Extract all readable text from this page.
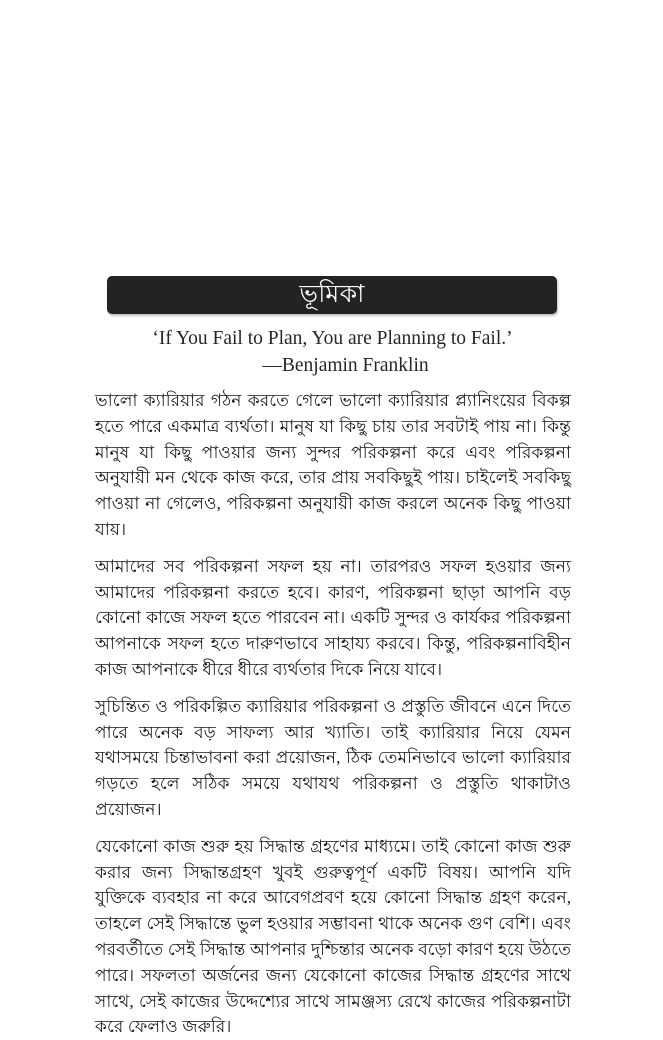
ভূমিকা
‘If You Fail to Plan, You are Planning to Fail.’
—Benjamin Franklin

ভালো ক্যারিয়ার গঠন করতে গেলে ভালো ক্যারিয়ার প্ল্যানিংয়ের বিকল্প হতে পারে একমাত্র ব্যর্থতা। মানুষ যা কিছু চায় তার সবটাই পায় না। কিন্তু মানুষ যা কিছু পাওয়ার জন্য সুন্দর পরিকল্পনা করে এবং পরিকল্পনা অনুযায়ী মন থেকে কাজ করে, তার প্রায় সবকিছুই পায়। চাইলেই সবকিছু পাওয়া না গেলেও, পরিকল্পনা অনুযায়ী কাজ করলে অনেক কিছু পাওয়া যায়।

আমাদের সব পরিকল্পনা সফল হয় না। তারপরও সফল হওয়ার জন্য আমাদের পরিকল্পনা করতে হবে। কারণ, পরিকল্পনা ছাড়া আপনি বড় কোনো কাজে সফল হতে পারবেন না। একটি সুন্দর ও কার্যকর পরিকল্পনা আপনাকে সফল হতে দারুণভাবে সাহায্য করবে। কিন্তু, পরিকল্পনাবিহীন কাজ আপনাকে ধীরে ধীরে ব্যর্থতার দিকে নিয়ে যাবে।

সুচিন্তিত ও পরিকল্পিত ক্যারিয়ার পরিকল্পনা ও প্রস্তুতি জীবনে এনে দিতে পারে অনেক বড় সাফল্য আর খ্যাতি। তাই ক্যারিয়ার নিয়ে যেমন যথাসময়ে চিন্তাভাবনা করা প্রয়োজন, ঠিক তেমনিভাবে ভালো ক্যারিয়ার গড়তে হলে সঠিক সময়ে যথাযথ পরিকল্পনা ও প্রস্তুতি থাকাটাও প্রয়োজন।

যেকোনো কাজ শুরু হয় সিদ্ধান্ত গ্রহণের মাধ্যমে। তাই কোনো কাজ শুরু করার জন্য সিদ্ধান্তগ্রহণ খুবই গুরুত্বপূর্ণ একটি বিষয়। আপনি যদি যুক্তিকে ব্যবহার না করে আবেগপ্রবণ হয়ে কোনো সিদ্ধান্ত গ্রহণ করেন, তাহলে সেই সিদ্ধান্তে ভুল হওয়ার সম্ভাবনা থাকে অনেক গুণ বেশি। এবং পরবর্তীতে সেই সিদ্ধান্ত আপনার দুশ্চিন্তার অনেক বড়ো কারণ হয়ে উঠতে পারে। সফলতা অর্জনের জন্য যেকোনো কাজের সিদ্ধান্ত গ্রহণের সাথে সাথে, সেই কাজের উদ্দেশ্যের সাথে সামঞ্জস্য রেখে কাজের পরিকল্পনাটা করে ফেলাও জরুরি।
